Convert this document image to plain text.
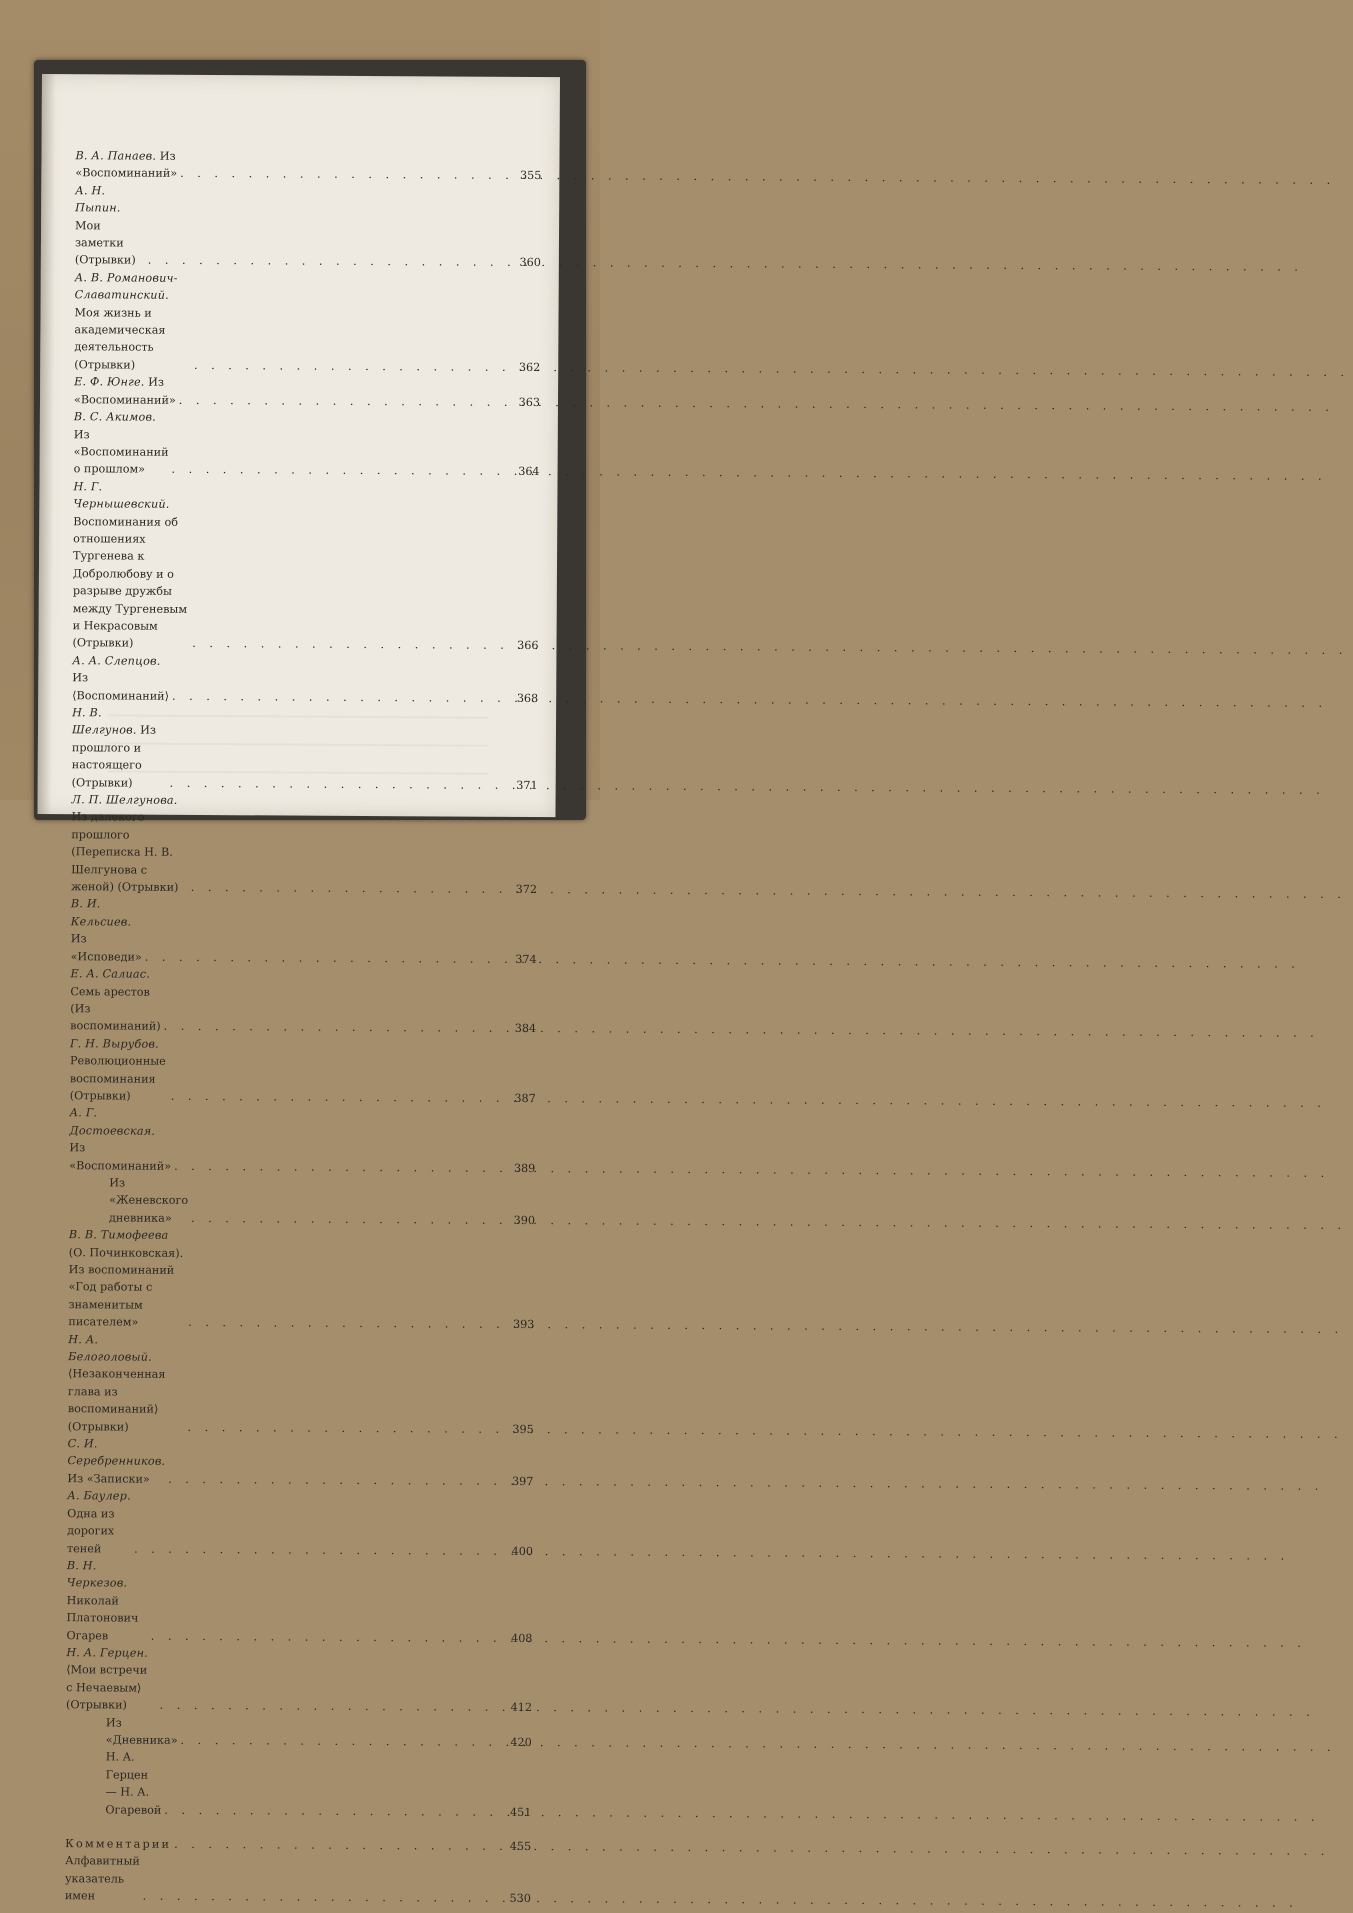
В. А. Панаев. Из «Воспоминаний» . . .	355
А. Н. Пыпин. Мои заметки (Отрывки) . . .	360
А. В. Романович-Славатинский. Моя жизнь и академическая деятельность (Отрывки) . . .	362
Е. Ф. Юнге. Из «Воспоминаний» . . .	363
В. С. Акимов. Из «Воспоминаний о прошлом» . . .	364
Н. Г. Чернышевский. Воспоминания об отношениях Тургенева к Добролюбову и о разрыве дружбы между Тургеневым и Некрасовым (Отрывки) . . .	366
А. А. Слепцов. Из ⟨Воспоминаний⟩ . . .	368
Н. В. Шелгунов. Из прошлого и настоящего (Отрывки) . . .	371
Л. П. Шелгунова. Из далекого прошлого (Переписка Н. В. Шелгунова с женой) (Отрывки) . . .	372
В. И. Кельсиев. Из «Исповеди» . . .	374
Е. А. Салиас. Семь арестов (Из воспоминаний) . . .	384
Г. Н. Вырубов. Революционные воспоминания (Отрывки) . . .	387
А. Г. Достоевская. Из «Воспоминаний» . . .	389
Из «Женевского дневника» . . .	390
В. В. Тимофеева (О. Починковская). Из воспоминаний «Год работы с знаменитым писателем» . . .	393
Н. А. Белоголовый. ⟨Незаконченная глава из воспоминаний⟩ (Отрывки) . . .	395
С. И. Серебренников. Из «Записки» . . .	397
А. Баулер. Одна из дорогих теней . . .	400
В. Н. Черкезов. Николай Платонович Огарев . . .	408
Н. А. Герцен. ⟨Мои встречи с Нечаевым⟩ (Отрывки) . . .	412
Из «Дневника» . . .	420
Н. А. Герцен — Н. А. Огаревой . . .	451
Комментарии . . .	455
Алфавитный указатель имен . . .	530
